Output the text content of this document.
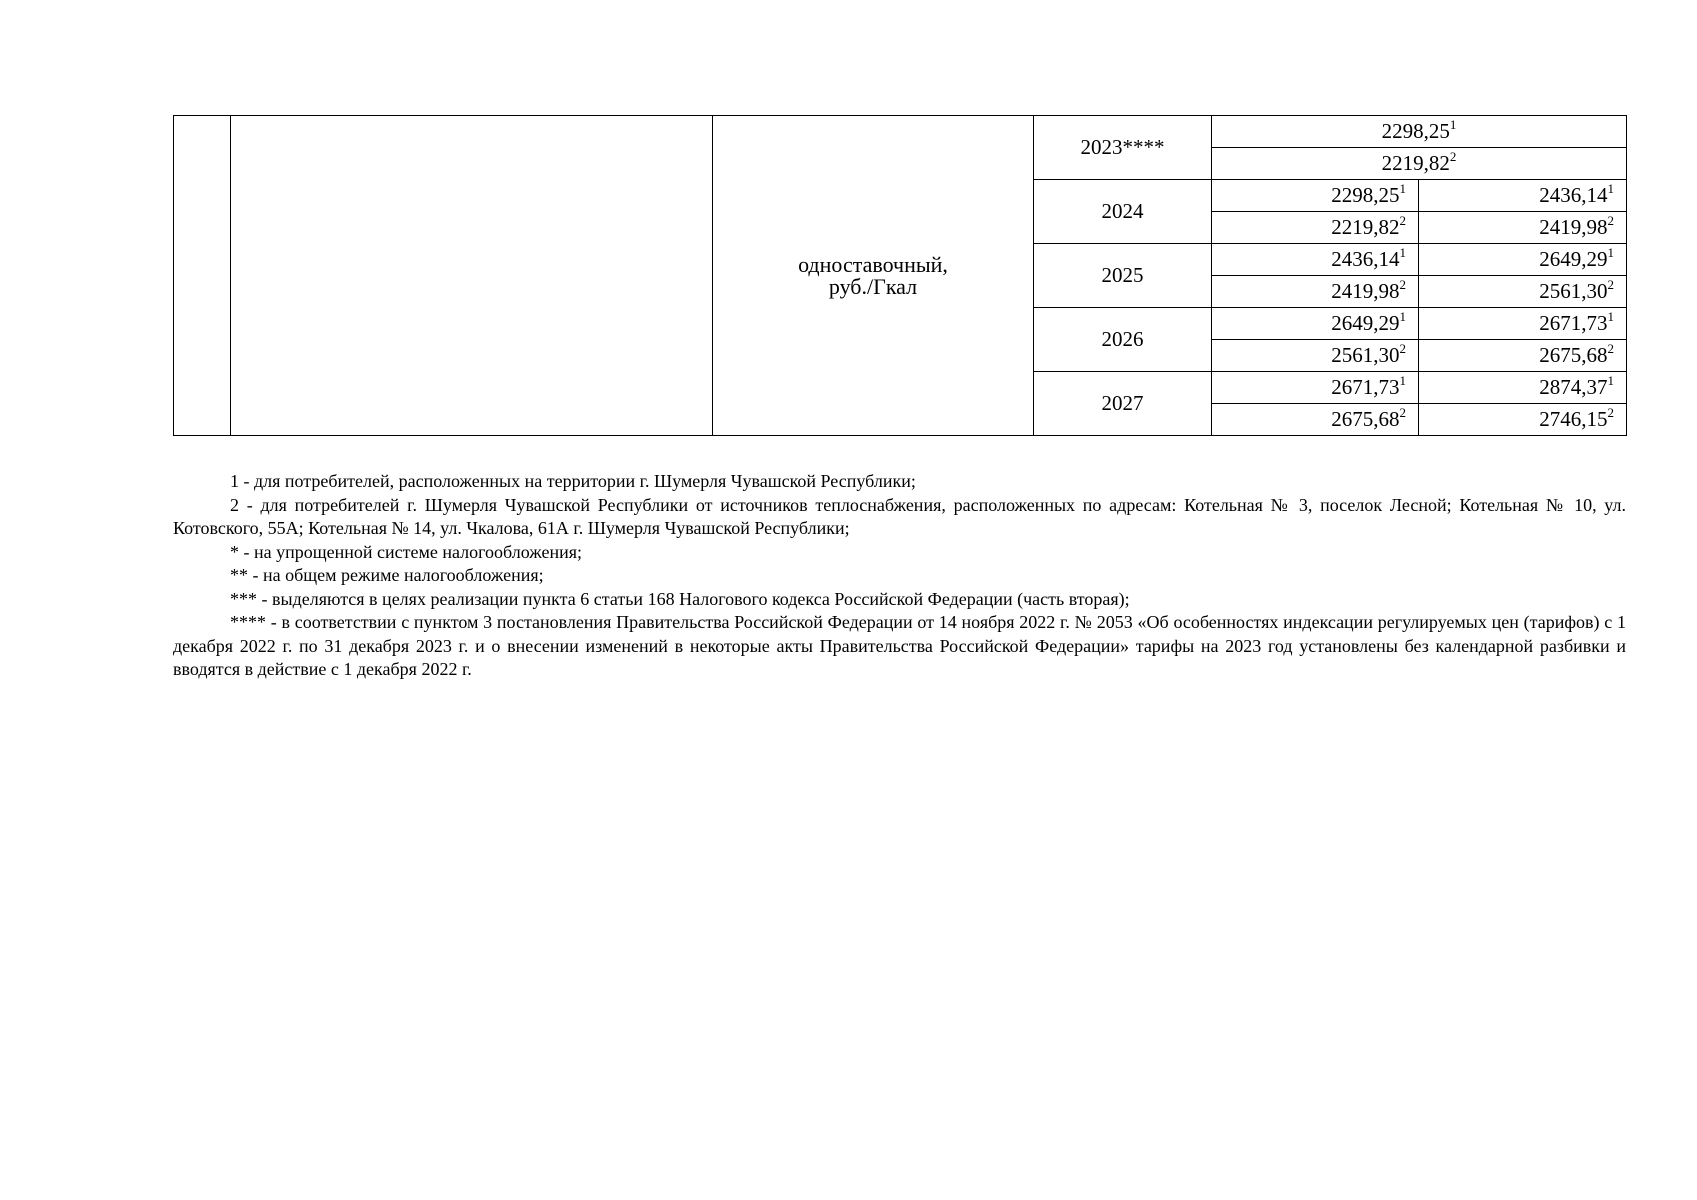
		одноставочный,
руб./Гкал	2023****	2298,25$^1$
				2219,82$^2$
			2024	2298,25$^1$	2436,14$^1$
				2219,82$^2$	2419,98$^2$
			2025	2436,14$^1$	2649,29$^1$
				2419,98$^2$	2561,30$^2$
			2026	2649,29$^1$	2671,73$^1$
				2561,30$^2$	2675,68$^2$
			2027	2671,73$^1$	2874,37$^1$
				2675,68$^2$	2746,15$^2$

1 - для потребителей, расположенных на территории г. Шумерля Чувашской Республики;

2 - для потребителей г. Шумерля Чувашской Республики от источников теплоснабжения, расположенных по адресам: Котельная № 3, поселок Лесной; Котельная № 10, ул. Котовского, 55А; Котельная № 14, ул. Чкалова, 61А г. Шумерля Чувашской Республики;

* - на упрощенной системе налогообложения;

** - на общем режиме налогообложения;

*** - выделяются в целях реализации пункта 6 статьи 168 Налогового кодекса Российской Федерации (часть вторая);

**** - в соответствии с пунктом 3 постановления Правительства Российской Федерации от 14 ноября 2022 г. № 2053 «Об особенностях индексации регулируемых цен (тарифов) с 1 декабря 2022 г. по 31 декабря 2023 г. и о внесении изменений в некоторые акты Правительства Российской Федерации» тарифы на 2023 год установлены без календарной разбивки и вводятся в действие с 1 декабря 2022 г.
